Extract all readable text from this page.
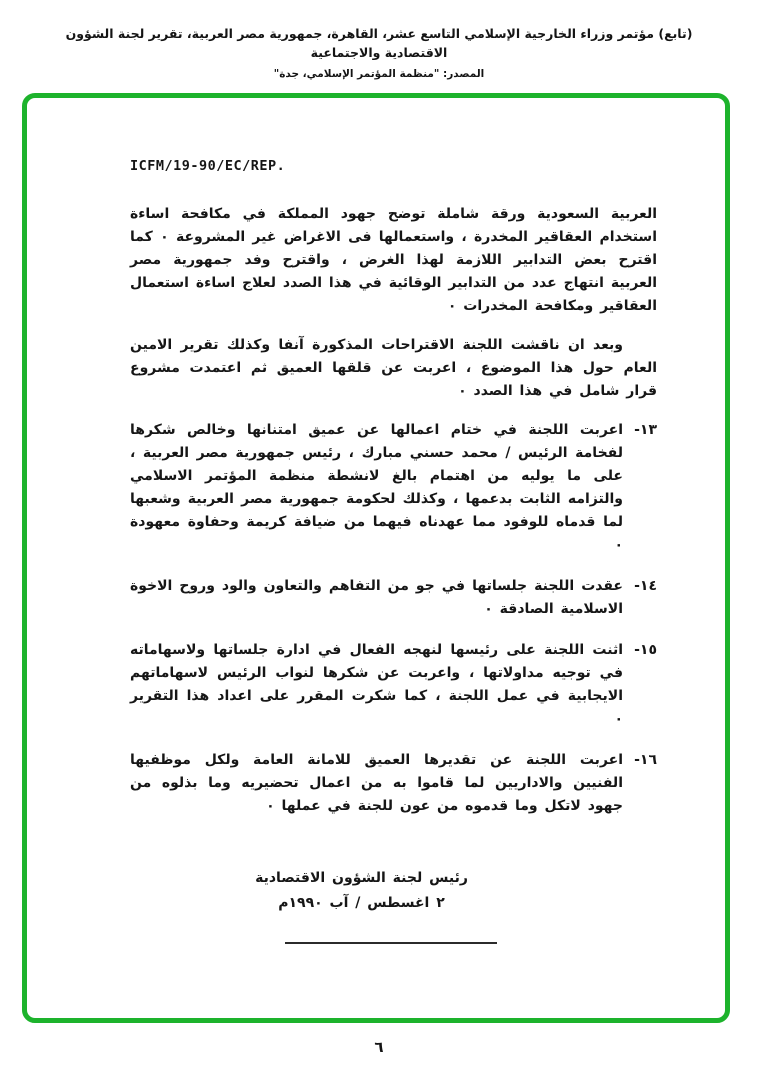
(تابع) مؤتمر وزراء الخارجية الإسلامي التاسع عشر، القاهرة، جمهورية مصر العربية، تقرير لجنة الشؤون الاقتصادية والاجتماعية
المصدر: "منظمة المؤتمر الإسلامي، جدة"
ICFM/19-90/EC/REP.

العربية السعودية ورقة شاملة توضح جهود المملكة في مكافحة اساءة استخدام العقاقير المخدرة ، واستعمالها فى الاغراض غير المشروعة ٠ كما اقترح بعض التدابير اللازمة لهذا الغرض ، واقترح وفد جمهورية مصر العربية انتهاج عدد من التدابير الوقائية في هذا الصدد لعلاج اساءة استعمال العقاقير ومكافحة المخدرات ٠

وبعد ان ناقشت اللجنة الاقتراحات المذكورة آنفا وكذلك تقرير الامين العام حول هذا الموضوع ، اعربت عن قلقها العميق ثم اعتمدت مشروع قرار شامل في هذا الصدد ٠

١٣-

اعربت اللجنة في ختام اعمالها عن عميق امتنانها وخالص شكرها لفخامة الرئيس / محمد حسني مبارك ، رئيس جمهورية مصر العربية ، على ما يوليه من اهتمام بالغ لانشطة منظمة المؤتمر الاسلامي والتزامه الثابت بدعمها ، وكذلك لحكومة جمهورية مصر العربية وشعبها لما قدماه للوفود مما عهدناه فيهما من ضيافة كريمة وحفاوة معهودة ٠

١٤-

عقدت اللجنة جلساتها في جو من التفاهم والتعاون والود وروح الاخوة الاسلامية الصادقة ٠

١٥-

اثنت اللجنة على رئيسها لنهجه الفعال في ادارة جلساتها ولاسهاماته في توجيه مداولاتها ، واعربت عن شكرها لنواب الرئيس لاسهاماتهم الايجابية في عمل اللجنة ، كما شكرت المقرر على اعداد هذا التقرير ٠

١٦-

اعربت اللجنة عن تقديرها العميق للامانة العامة ولكل موظفيها الفنيين والاداريين لما قاموا به من اعمال تحضيريه وما بذلوه من جهود لاتكل وما قدموه من عون للجنة في عملها ٠

رئيس لجنة الشؤون الاقتصادية
٢ اغسطس / آب ١٩٩٠م
٦
